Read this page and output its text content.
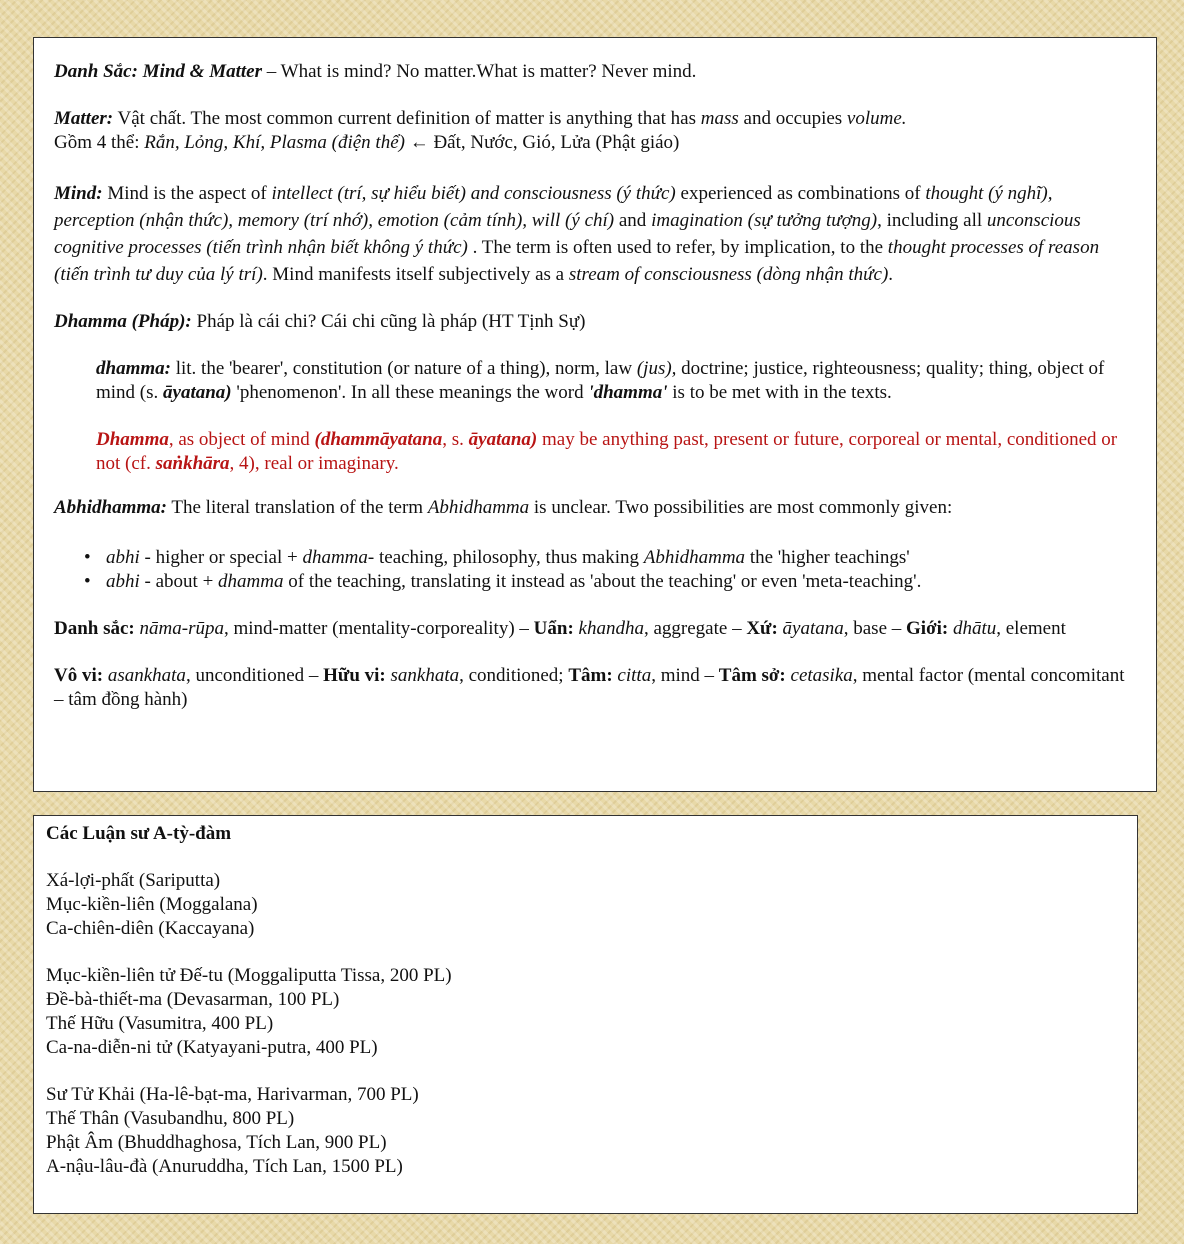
Danh Sắc: Mind & Matter – What is mind? No matter.What is matter? Never mind.

Matter: Vật chất. The most common current definition of matter is anything that has mass and occupies volume.

Gồm 4 thể: Rắn, Lỏng, Khí, Plasma (điện thể) ← Đất, Nước, Gió, Lửa (Phật giáo)

Mind: Mind is the aspect of intellect (trí, sự hiểu biết) and consciousness (ý thức) experienced as combinations of thought (ý nghĩ), perception (nhận thức), memory (trí nhớ), emotion (cảm tính), will (ý chí) and imagination (sự tưởng tượng), including all unconscious cognitive processes (tiến trình nhận biết không ý thức) . The term is often used to refer, by implication, to the thought processes of reason (tiến trình tư duy của lý trí). Mind manifests itself subjectively as a stream of consciousness (dòng nhận thức).

Dhamma (Pháp): Pháp là cái chi? Cái chi cũng là pháp (HT Tịnh Sự)

dhamma: lit. the 'bearer', constitution (or nature of a thing), norm, law (jus), doctrine; justice, righteousness; quality; thing, object of mind (s. āyatana) 'phenomenon'. In all these meanings the word 'dhamma' is to be met with in the texts.

Dhamma, as object of mind (dhammāyatana, s. āyatana) may be anything past, present or future, corporeal or mental, conditioned or not (cf. saṅkhāra, 4), real or imaginary.

Abhidhamma: The literal translation of the term Abhidhamma is unclear. Two possibilities are most commonly given:

• abhi - higher or special + dhamma- teaching, philosophy, thus making Abhidhamma the 'higher teachings'
• abhi - about + dhamma of the teaching, translating it instead as 'about the teaching' or even 'meta-teaching'.

Danh sắc: nāma-rūpa, mind-matter (mentality-corporeality) – Uẩn: khandha, aggregate – Xứ: āyatana, base – Giới: dhātu, element

Vô vi: asankhata, unconditioned – Hữu vi: sankhata, conditioned; Tâm: citta, mind – Tâm sở: cetasika, mental factor (mental concomitant – tâm đồng hành)

Các Luận sư A-tỳ-đàm

Xá-lợi-phất (Sariputta)

Mục-kiền-liên (Moggalana)

Ca-chiên-diên (Kaccayana)

Mục-kiền-liên tử Đế-tu (Moggaliputta Tissa, 200 PL)

Đề-bà-thiết-ma (Devasarman, 100 PL)

Thế Hữu (Vasumitra, 400 PL)

Ca-na-diễn-ni tử (Katyayani-putra, 400 PL)

Sư Tử Khải (Ha-lê-bạt-ma, Harivarman, 700 PL)

Thế Thân (Vasubandhu, 800 PL)

Phật Âm (Bhuddhaghosa, Tích Lan, 900 PL)

A-nậu-lâu-đà (Anuruddha, Tích Lan, 1500 PL)
